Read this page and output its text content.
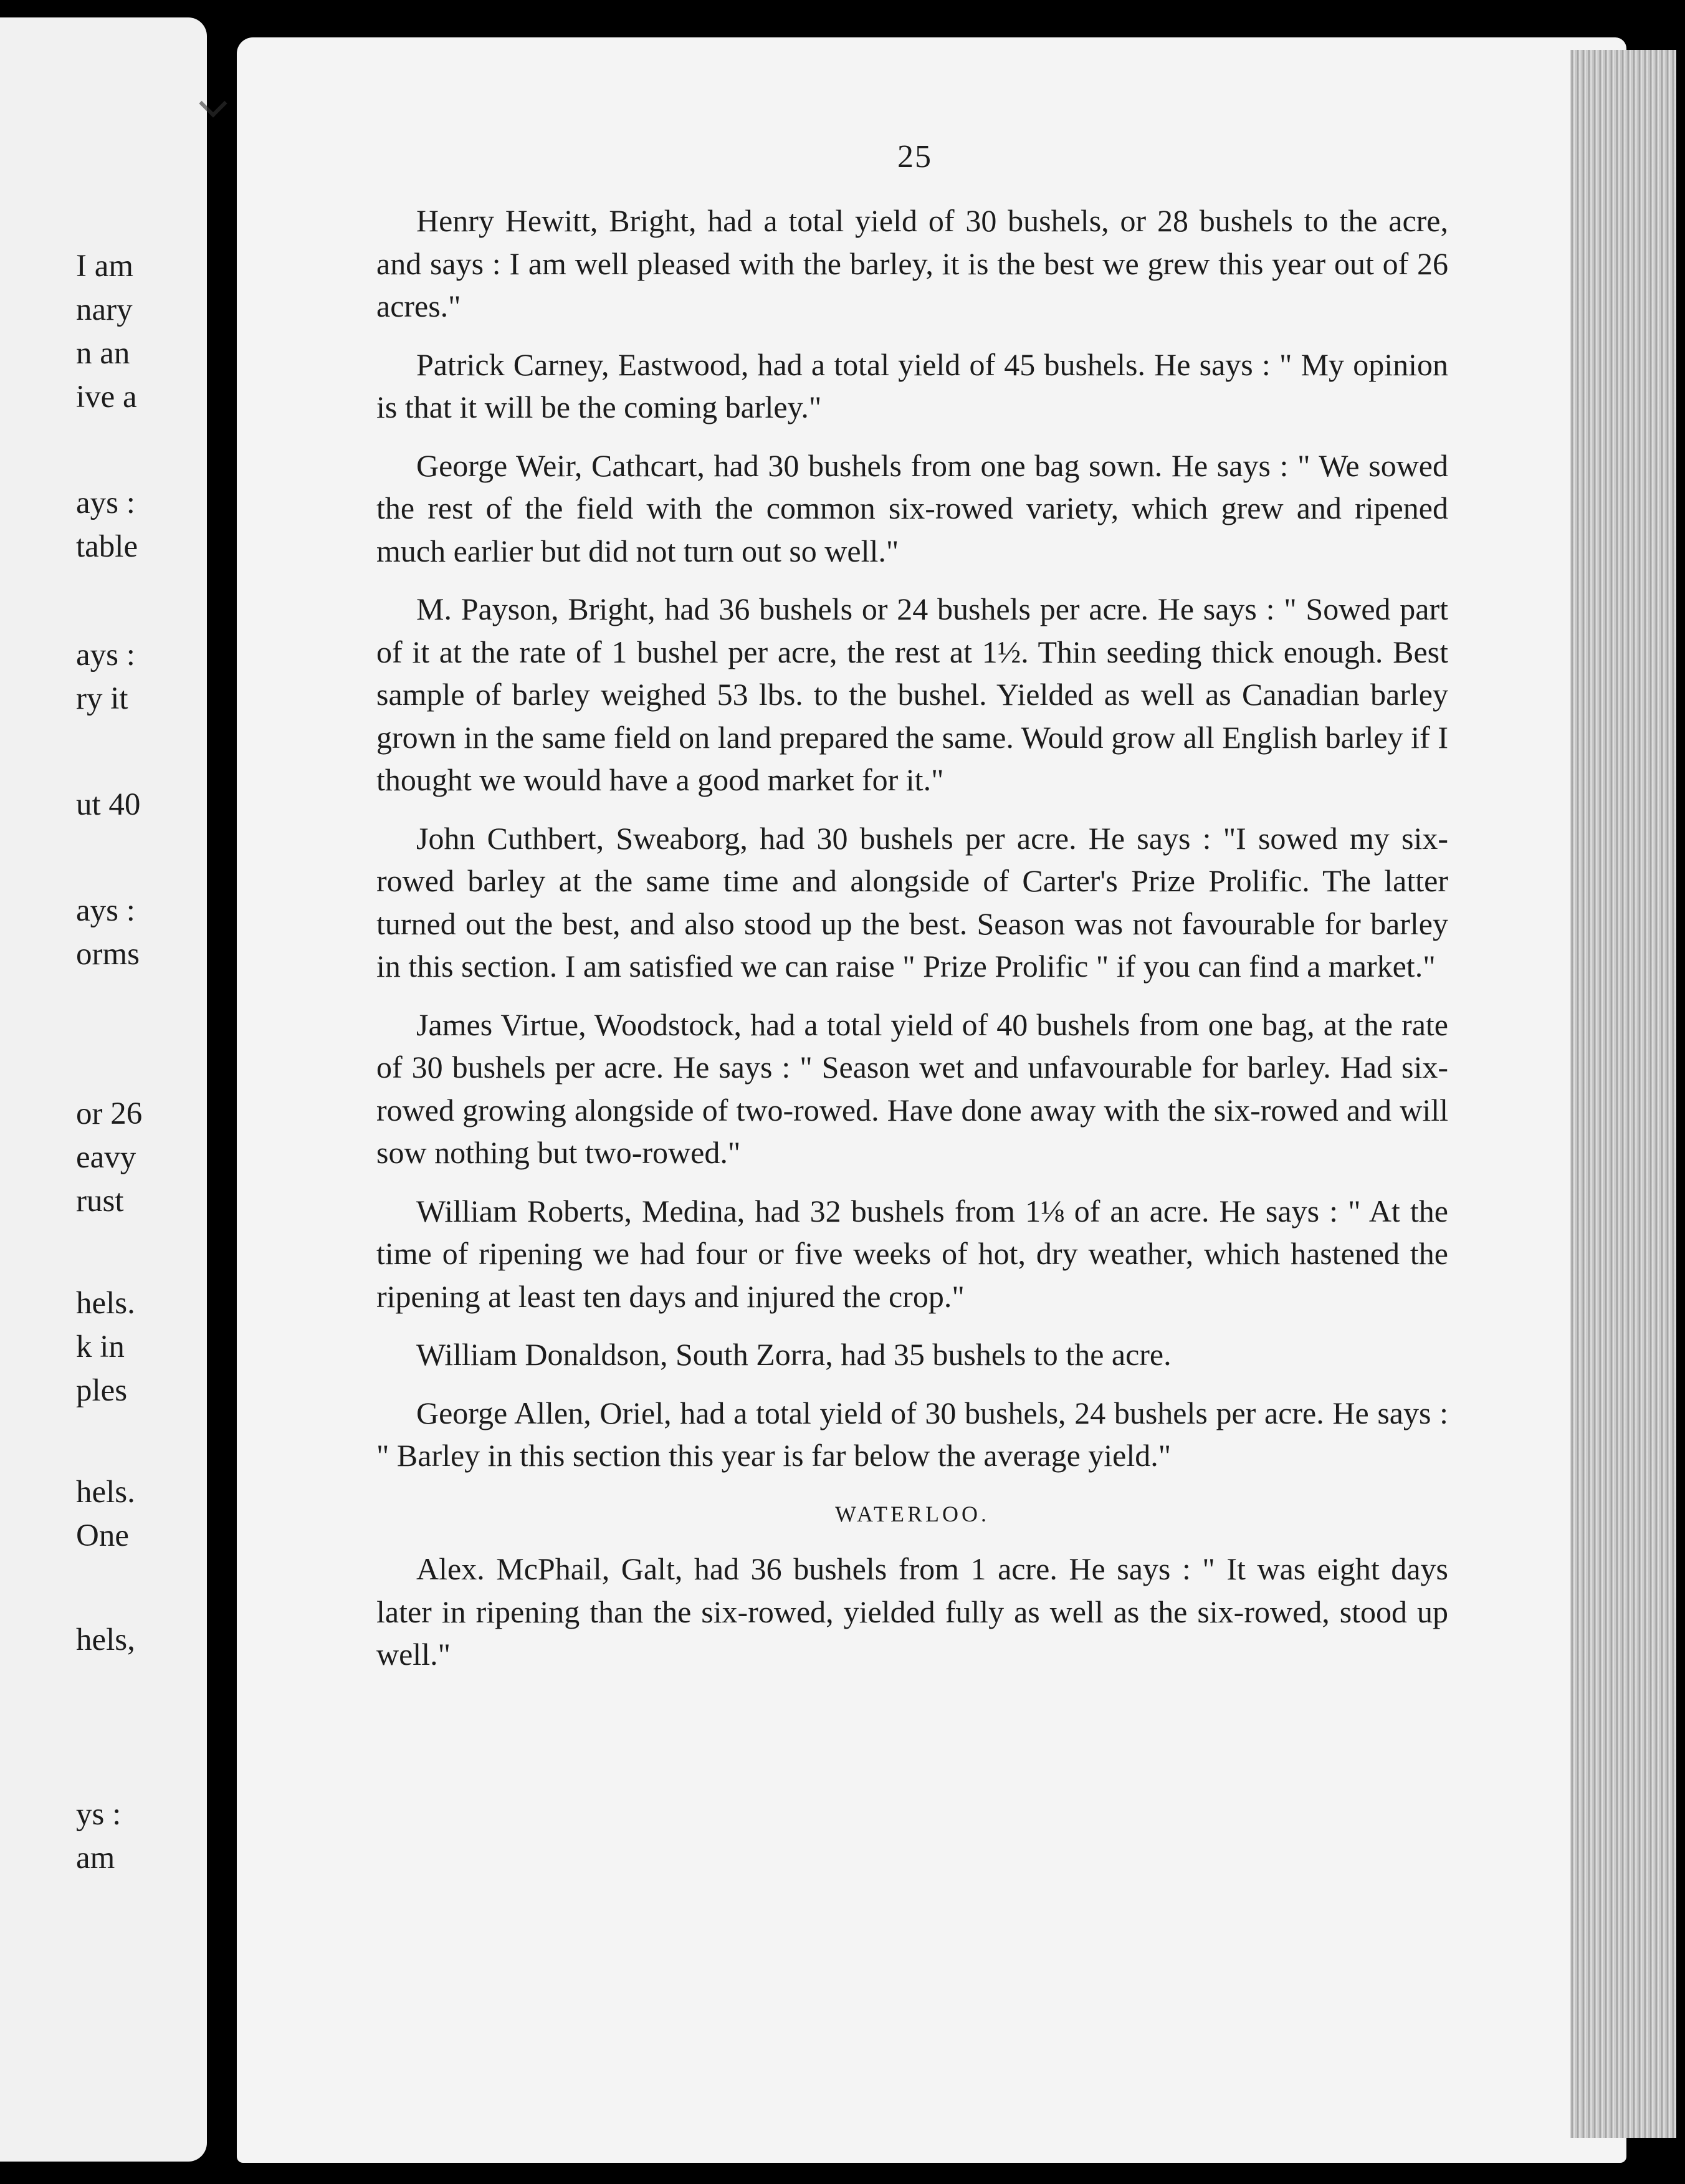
I am
nary
n an
ive a
ays :
table
ays :
ry it
ut 40
ays :
orms
or 26
eavy
rust
hels.
k in
ples
hels.
One
hels,
ys :
am
25

Henry Hewitt, Bright, had a total yield of 30 bushels, or 28 bushels to the acre, and says : I am well pleased with the barley, it is the best we grew this year out of 26 acres."

Patrick Carney, Eastwood, had a total yield of 45 bushels. He says : " My opinion is that it will be the coming barley."

George Weir, Cathcart, had 30 bushels from one bag sown. He says : " We sowed the rest of the field with the common six-rowed variety, which grew and ripened much earlier but did not turn out so well."

M. Payson, Bright, had 36 bushels or 24 bushels per acre. He says : " Sowed part of it at the rate of 1 bushel per acre, the rest at 1½. Thin seeding thick enough. Best sample of barley weighed 53 lbs. to the bushel. Yielded as well as Canadian barley grown in the same field on land prepared the same. Would grow all English barley if I thought we would have a good market for it."

John Cuthbert, Sweaborg, had 30 bushels per acre. He says : "I sowed my six-rowed barley at the same time and alongside of Carter's Prize Prolific. The latter turned out the best, and also stood up the best. Season was not favourable for barley in this section. I am satisfied we can raise " Prize Prolific " if you can find a market."

James Virtue, Woodstock, had a total yield of 40 bushels from one bag, at the rate of 30 bushels per acre. He says : " Season wet and unfavourable for barley. Had six-rowed growing alongside of two-rowed. Have done away with the six-rowed and will sow nothing but two-rowed."

William Roberts, Medina, had 32 bushels from 1⅛ of an acre. He says : " At the time of ripening we had four or five weeks of hot, dry weather, which hastened the ripening at least ten days and injured the crop."

William Donaldson, South Zorra, had 35 bushels to the acre.

George Allen, Oriel, had a total yield of 30 bushels, 24 bushels per acre. He says : " Barley in this section this year is far below the average yield."

WATERLOO.

Alex. McPhail, Galt, had 36 bushels from 1 acre. He says : " It was eight days later in ripening than the six-rowed, yielded fully as well as the six-rowed, stood up well."
